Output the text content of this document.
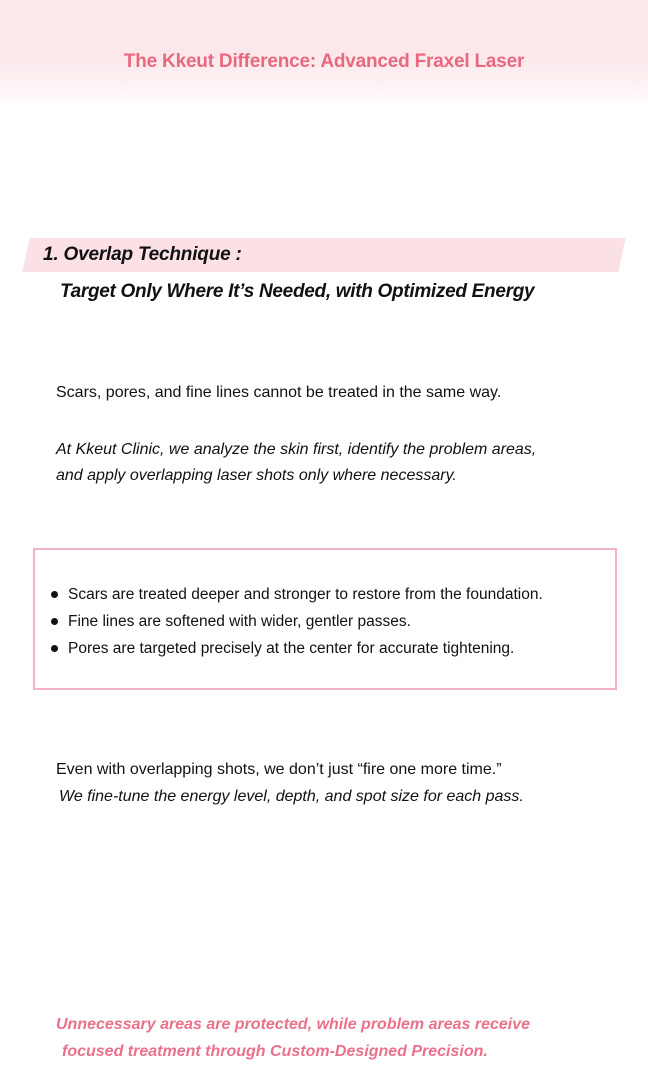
The Kkeut Difference: Advanced Fraxel Laser
1. Overlap Technique :
Target Only Where It’s Needed, with Optimized Energy
Scars, pores, and fine lines cannot be treated in the same way.
At Kkeut Clinic, we analyze the skin first, identify the problem areas,
and apply overlapping laser shots only where necessary.
Scars are treated deeper and stronger to restore from the foundation.
Fine lines are softened with wider, gentler passes.
Pores are targeted precisely at the center for accurate tightening.
Even with overlapping shots, we don’t just “fire one more time.”
We fine-tune the energy level, depth, and spot size for each pass.
Unnecessary areas are protected, while problem areas receive
focused treatment through Custom-Designed Precision.
